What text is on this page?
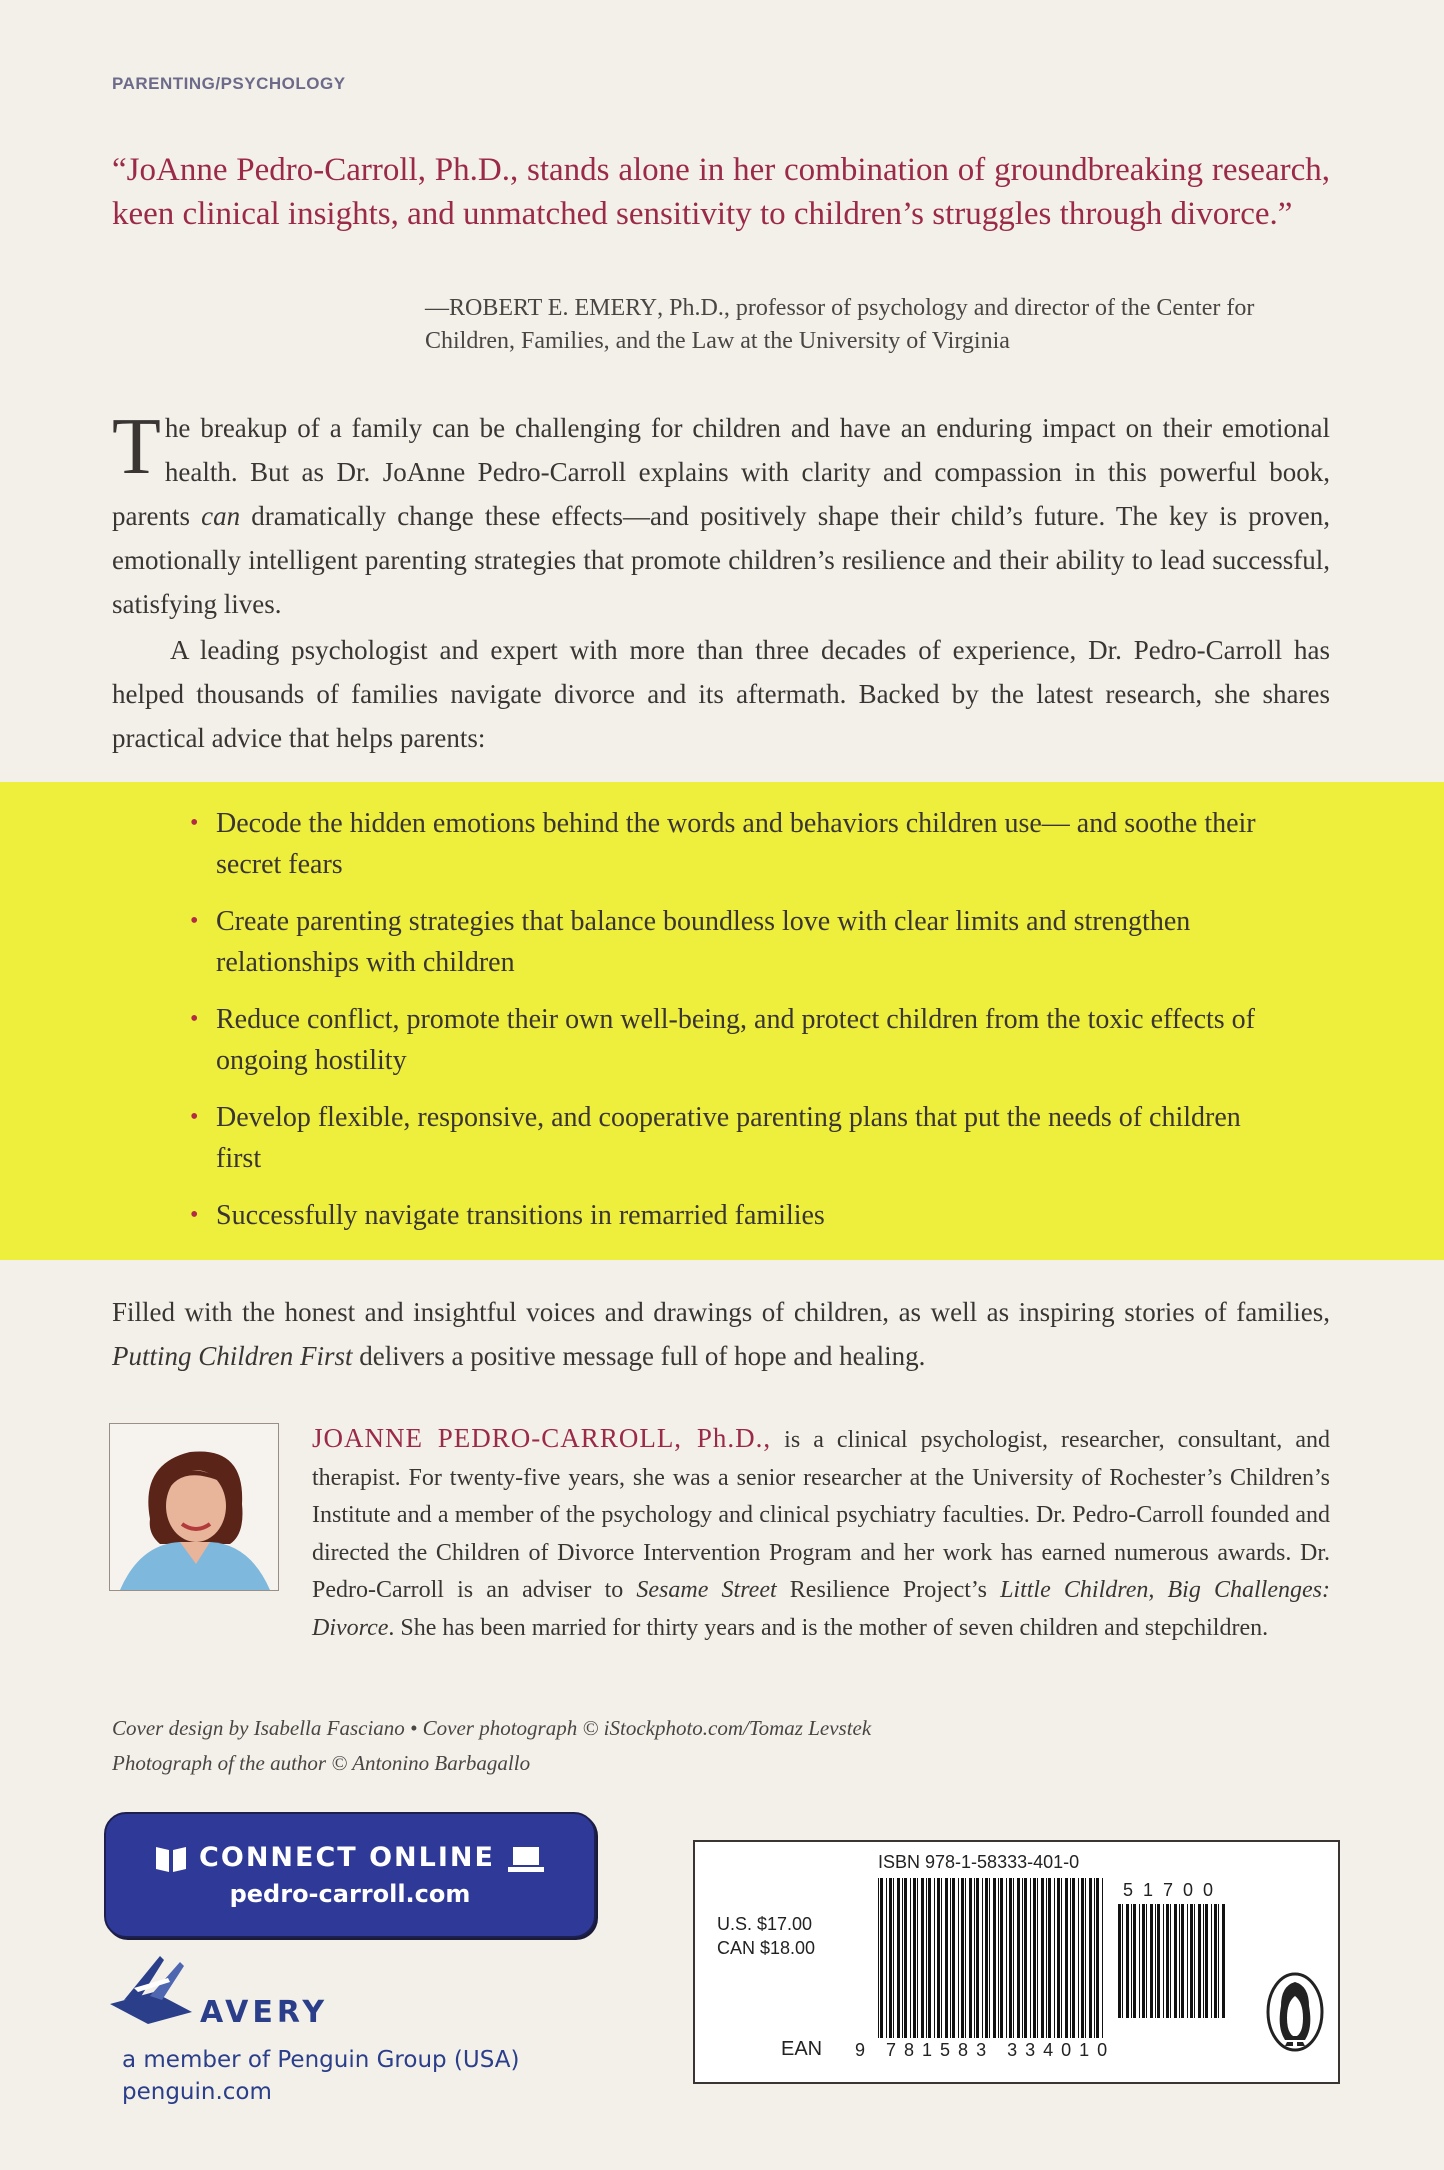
PARENTING/PSYCHOLOGY
“JoAnne Pedro-Carroll, Ph.D., stands alone in her combination of groundbreaking research, keen clinical insights, and unmatched sensitivity to children’s struggles through divorce.”
—ROBERT E. EMERY, Ph.D., professor of psychology and director of the Center for Children, Families, and the Law at the University of Virginia

The breakup of a family can be challenging for children and have an enduring impact on their emotional health. But as Dr. JoAnne Pedro-Carroll explains with clarity and compassion in this powerful book, parents can dramatically change these effects—and positively shape their child’s future. The key is proven, emotionally intelligent parenting strategies that promote children’s resilience and their ability to lead successful, satisfying lives.

A leading psychologist and expert with more than three decades of experience, Dr. Pedro-Carroll has helped thousands of families navigate divorce and its aftermath. Backed by the latest research, she shares practical advice that helps parents:

• Decode the hidden emotions behind the words and behaviors children use— and soothe their secret fears
• Create parenting strategies that balance boundless love with clear limits and strengthen relationships with children
• Reduce conflict, promote their own well-being, and protect children from the toxic effects of ongoing hostility
• Develop flexible, responsive, and cooperative parenting plans that put the needs of children first
• Successfully navigate transitions in remarried families
Filled with the honest and insightful voices and drawings of children, as well as inspiring stories of families, Putting Children First delivers a positive message full of hope and healing.
JOANNE PEDRO-CARROLL, Ph.D., is a clinical psychologist, researcher, consultant, and therapist. For twenty-five years, she was a senior researcher at the University of Rochester’s Children’s Institute and a member of the psychology and clinical psychiatry faculties. Dr. Pedro-Carroll founded and directed the Children of Divorce Intervention Program and her work has earned numerous awards. Dr. Pedro-Carroll is an adviser to Sesame Street Resilience Project’s Little Children, Big Challenges: Divorce. She has been married for thirty years and is the mother of seven children and stepchildren.
Cover design by Isabella Fasciano • Cover photograph © iStockphoto.com/Tomaz Levstek
Photograph of the author © Antonino Barbagallo
CONNECT ONLINE
pedro-carroll.com
AVERY
a member of Penguin Group (USA)
penguin.com
ISBN 978-1-58333-401-0
U.S. $17.00
CAN $18.00
51700
EAN 9 781583 334010
